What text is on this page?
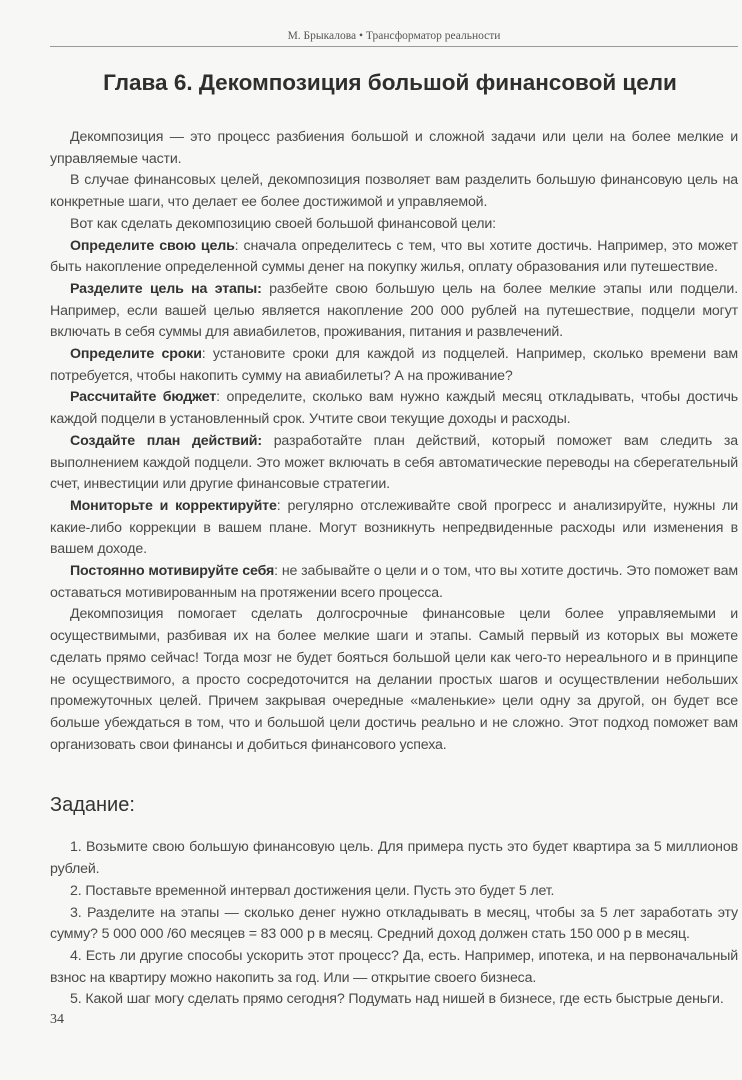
М. Брыкалова • Трансформатор реальности
Глава 6. Декомпозиция большой финансовой цели

Декомпозиция — это процесс разбиения большой и сложной задачи или цели на более мелкие и управляемые части.

В случае финансовых целей, декомпозиция позволяет вам разделить большую финансовую цель на конкретные шаги, что делает ее более достижимой и управляемой.

Вот как сделать декомпозицию своей большой финансовой цели:

Определите свою цель: сначала определитесь с тем, что вы хотите достичь. Например, это может быть накопление определенной суммы денег на покупку жилья, оплату образования или путешествие.

Разделите цель на этапы: разбейте свою большую цель на более мелкие этапы или подцели. Например, если вашей целью является накопление 200 000 рублей на путешествие, подцели могут включать в себя суммы для авиабилетов, проживания, питания и развлечений.

Определите сроки: установите сроки для каждой из подцелей. Например, сколько времени вам потребуется, чтобы накопить сумму на авиабилеты? А на проживание?

Рассчитайте бюджет: определите, сколько вам нужно каждый месяц откладывать, чтобы достичь каждой подцели в установленный срок. Учтите свои текущие доходы и расходы.

Создайте план действий: разработайте план действий, который поможет вам следить за выполнением каждой подцели. Это может включать в себя автоматические переводы на сберегательный счет, инвестиции или другие финансовые стратегии.

Мониторьте и корректируйте: регулярно отслеживайте свой прогресс и анализируйте, нужны ли какие-либо коррекции в вашем плане. Могут возникнуть непредвиденные расходы или изменения в вашем доходе.

Постоянно мотивируйте себя: не забывайте о цели и о том, что вы хотите достичь. Это поможет вам оставаться мотивированным на протяжении всего процесса.

Декомпозиция помогает сделать долгосрочные финансовые цели более управляемыми и осуществимыми, разбивая их на более мелкие шаги и этапы. Самый первый из которых вы можете сделать прямо сейчас! Тогда мозг не будет бояться большой цели как чего-то нереального и в принципе не осуществимого, а просто сосредоточится на делании простых шагов и осуществлении небольших промежуточных целей. Причем закрывая очередные «маленькие» цели одну за другой, он будет все больше убеждаться в том, что и большой цели достичь реально и не сложно. Этот подход поможет вам организовать свои финансы и добиться финансового успеха.

Задание:

1. Возьмите свою большую финансовую цель. Для примера пусть это будет квартира за 5 миллионов рублей.

2. Поставьте временной интервал достижения цели. Пусть это будет 5 лет.

3. Разделите на этапы — сколько денег нужно откладывать в месяц, чтобы за 5 лет заработать эту сумму? 5 000 000 /60 месяцев = 83 000 р в месяц. Средний доход должен стать 150 000 р в месяц.

4. Есть ли другие способы ускорить этот процесс? Да, есть. Например, ипотека, и на первоначальный взнос на квартиру можно накопить за год. Или — открытие своего бизнеса.

5. Какой шаг могу сделать прямо сегодня? Подумать над нишей в бизнесе, где есть быстрые деньги.

34
